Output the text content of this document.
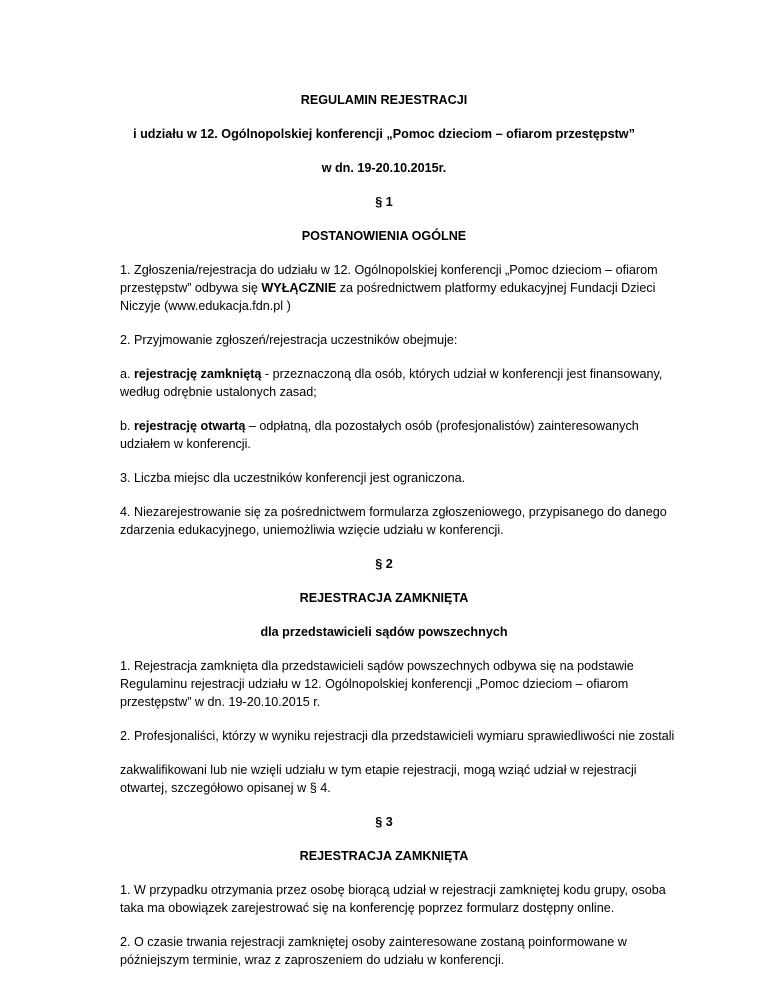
REGULAMIN REJESTRACJI
i udziału w 12. Ogólnopolskiej konferencji „Pomoc dzieciom – ofiarom przestępstw”
w dn. 19-20.10.2015r.
§ 1
POSTANOWIENIA OGÓLNE
1. Zgłoszenia/rejestracja do udziału w 12. Ogólnopolskiej konferencji „Pomoc dzieciom – ofiarom
przestępstw” odbywa się WYŁĄCZNIE za pośrednictwem platformy edukacyjnej Fundacji Dzieci
Niczyje (www.edukacja.fdn.pl )
2. Przyjmowanie zgłoszeń/rejestracja uczestników obejmuje:
a. rejestrację zamkniętą - przeznaczoną dla osób, których udział w konferencji jest finansowany,
według odrębnie ustalonych zasad;
b. rejestrację otwartą – odpłatną, dla pozostałych osób (profesjonalistów) zainteresowanych
udziałem w konferencji.
3. Liczba miejsc dla uczestników konferencji jest ograniczona.
4. Niezarejestrowanie się za pośrednictwem formularza zgłoszeniowego, przypisanego do danego
zdarzenia edukacyjnego, uniemożliwia wzięcie udziału w konferencji.
§ 2
REJESTRACJA ZAMKNIĘTA
dla przedstawicieli sądów powszechnych
1. Rejestracja zamknięta dla przedstawicieli sądów powszechnych odbywa się na podstawie
Regulaminu rejestracji udziału w 12. Ogólnopolskiej konferencji „Pomoc dzieciom – ofiarom
przestępstw” w dn. 19-20.10.2015 r.
2. Profesjonaliści, którzy w wyniku rejestracji dla przedstawicieli wymiaru sprawiedliwości nie zostali
zakwalifikowani lub nie wzięli udziału w tym etapie rejestracji, mogą wziąć udział w rejestracji
otwartej, szczegółowo opisanej w § 4.
§ 3
REJESTRACJA ZAMKNIĘTA
1. W przypadku otrzymania przez osobę biorącą udział w rejestracji zamkniętej kodu grupy, osoba
taka ma obowiązek zarejestrować się na konferencję poprzez formularz dostępny online.
2. O czasie trwania rejestracji zamkniętej osoby zainteresowane zostaną poinformowane w
późniejszym terminie, wraz z zaproszeniem do udziału w konferencji.
